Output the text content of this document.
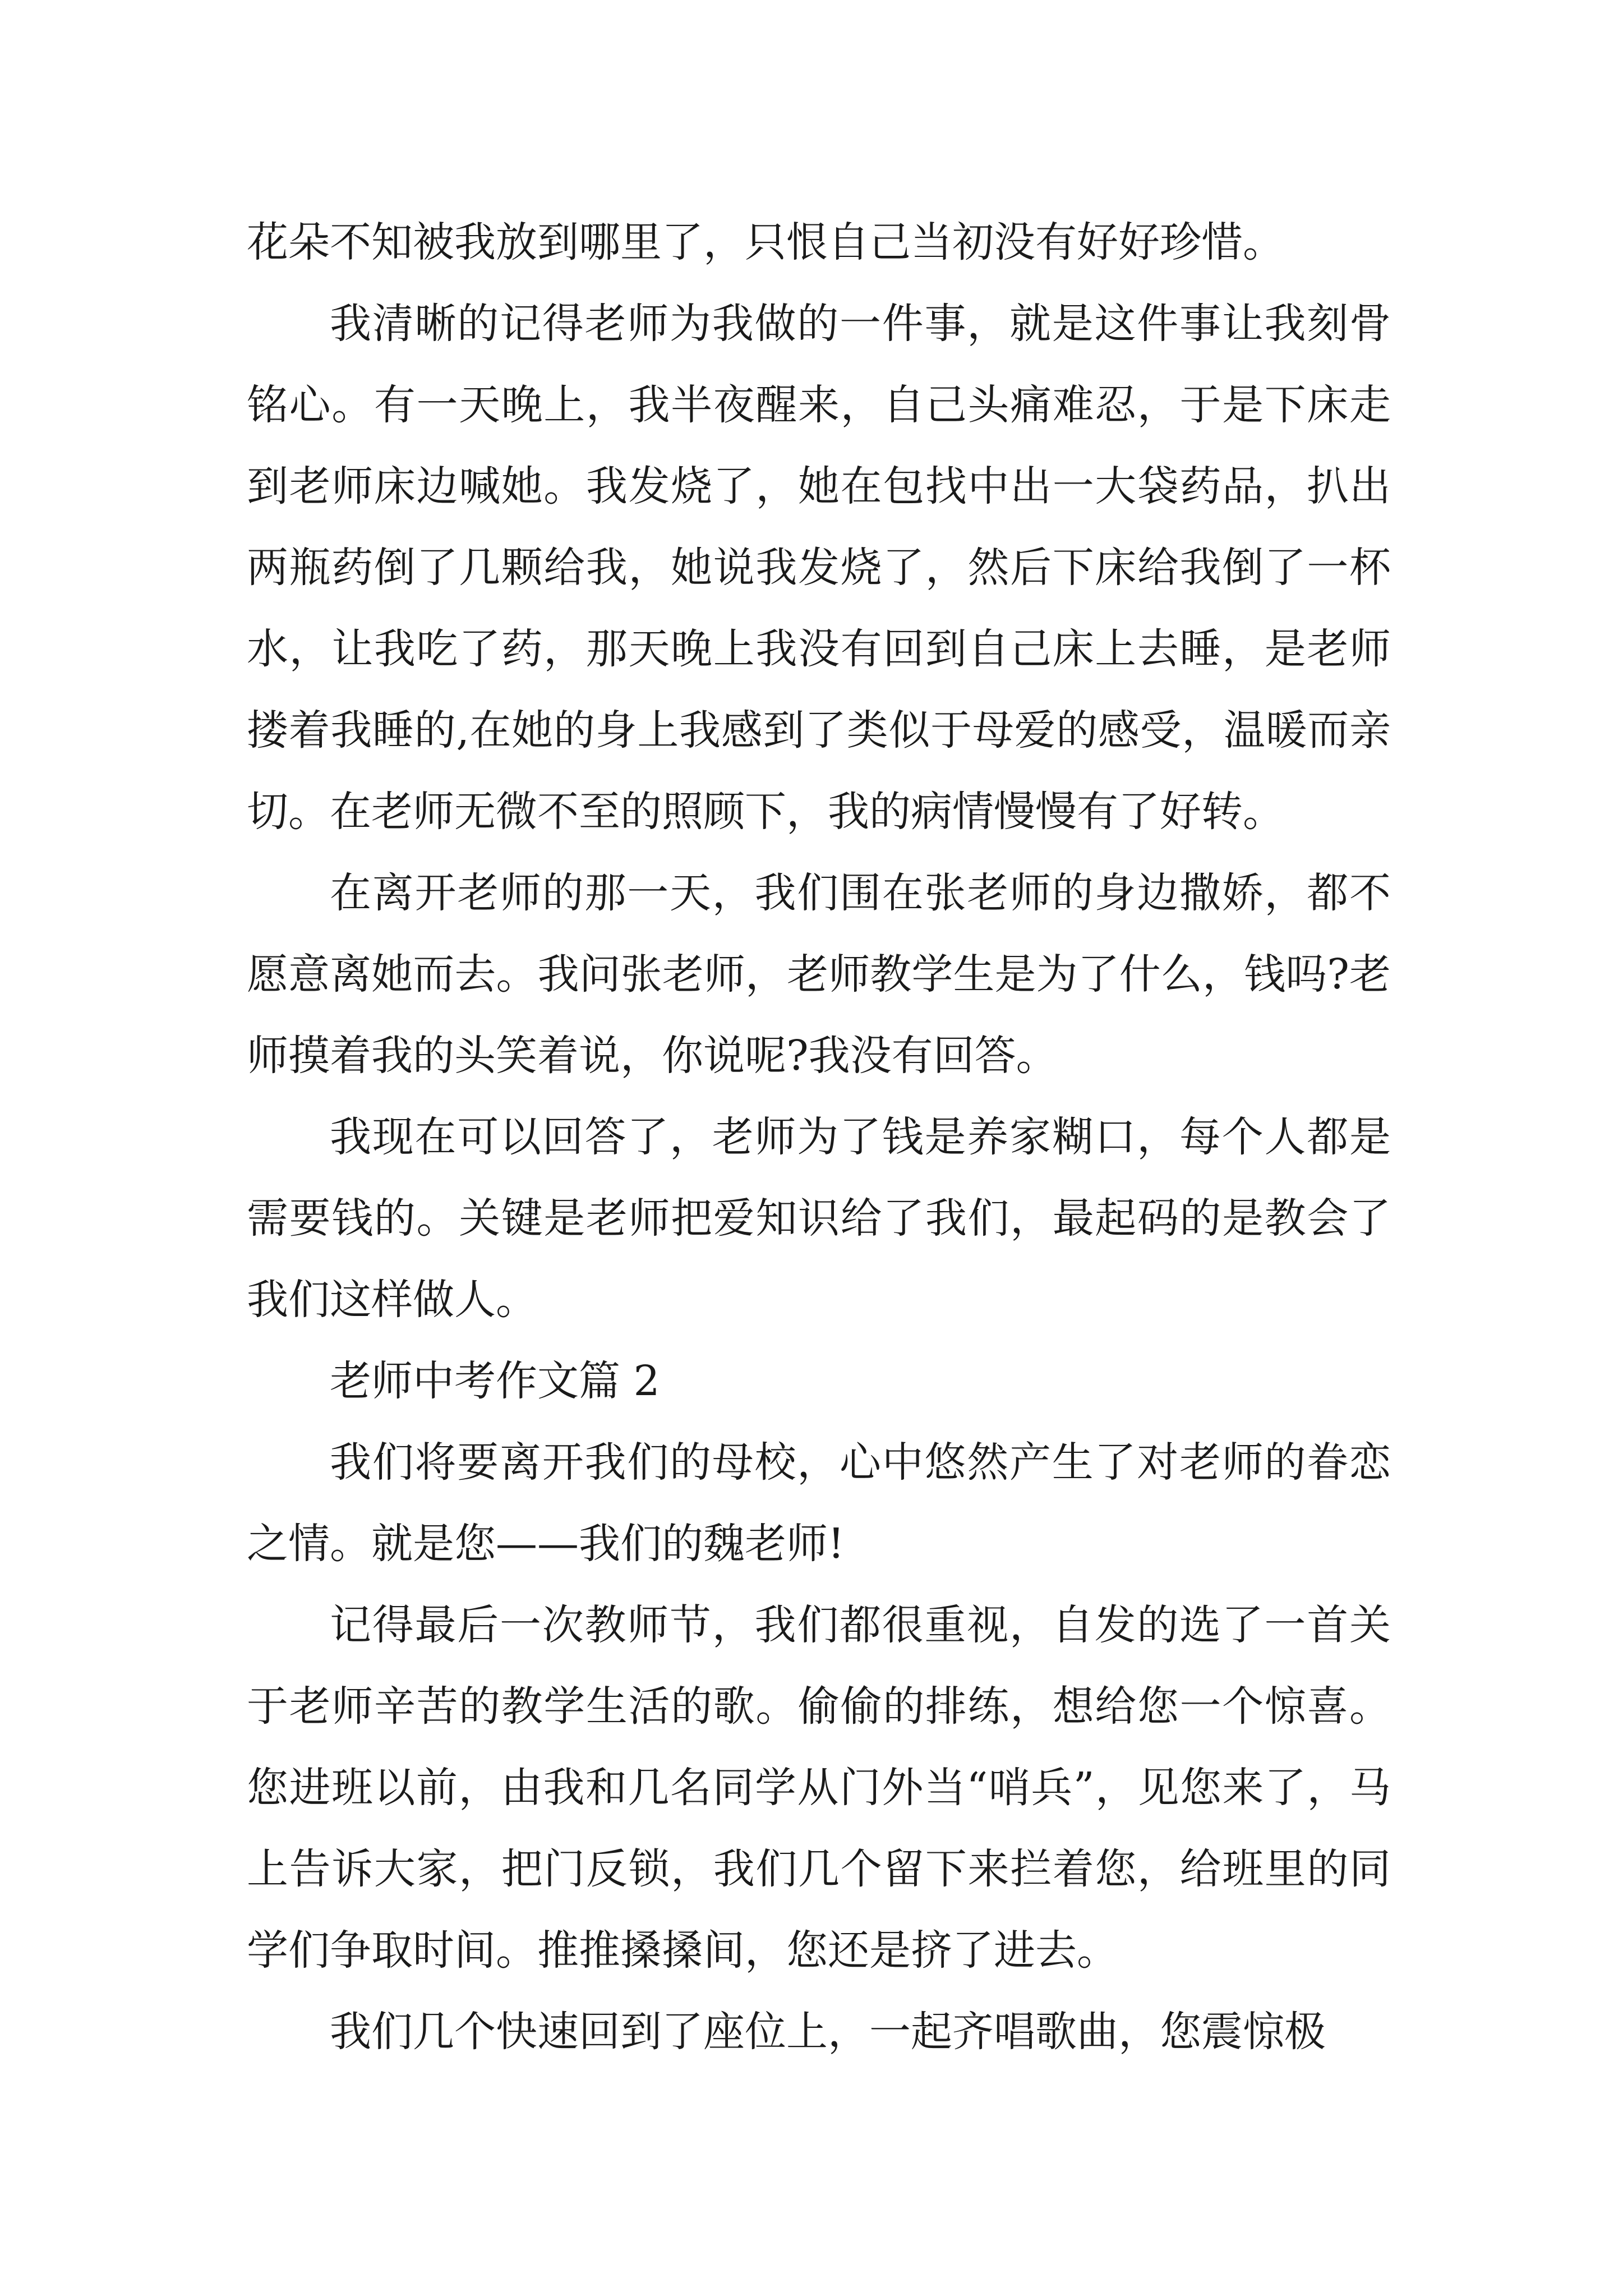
花朵不知被我放到哪里了，只恨自己当初没有好好珍惜。

我清晰的记得老师为我做的一件事，就是这件事让我刻骨铭心。有一天晚上，我半夜醒来，自己头痛难忍，于是下床走到老师床边喊她。我发烧了，她在包找中出一大袋药品，扒出两瓶药倒了几颗给我，她说我发烧了，然后下床给我倒了一杯水，让我吃了药，那天晚上我没有回到自己床上去睡，是老师搂着我睡的,在她的身上我感到了类似于母爱的感受，温暖而亲切。在老师无微不至的照顾下，我的病情慢慢有了好转。

在离开老师的那一天，我们围在张老师的身边撒娇，都不愿意离她而去。我问张老师，老师教学生是为了什么，钱吗?老师摸着我的头笑着说，你说呢?我没有回答。

我现在可以回答了，老师为了钱是养家糊口，每个人都是需要钱的。关键是老师把爱知识给了我们，最起码的是教会了我们这样做人。

老师中考作文篇 2

我们将要离开我们的母校，心中悠然产生了对老师的眷恋之情。就是您——我们的魏老师!

记得最后一次教师节，我们都很重视，自发的选了一首关于老师辛苦的教学生活的歌。偷偷的排练，想给您一个惊喜。您进班以前，由我和几名同学从门外当“哨兵”，见您来了，马上告诉大家，把门反锁，我们几个留下来拦着您，给班里的同学们争取时间。推推搡搡间，您还是挤了进去。

我们几个快速回到了座位上，一起齐唱歌曲，您震惊极
